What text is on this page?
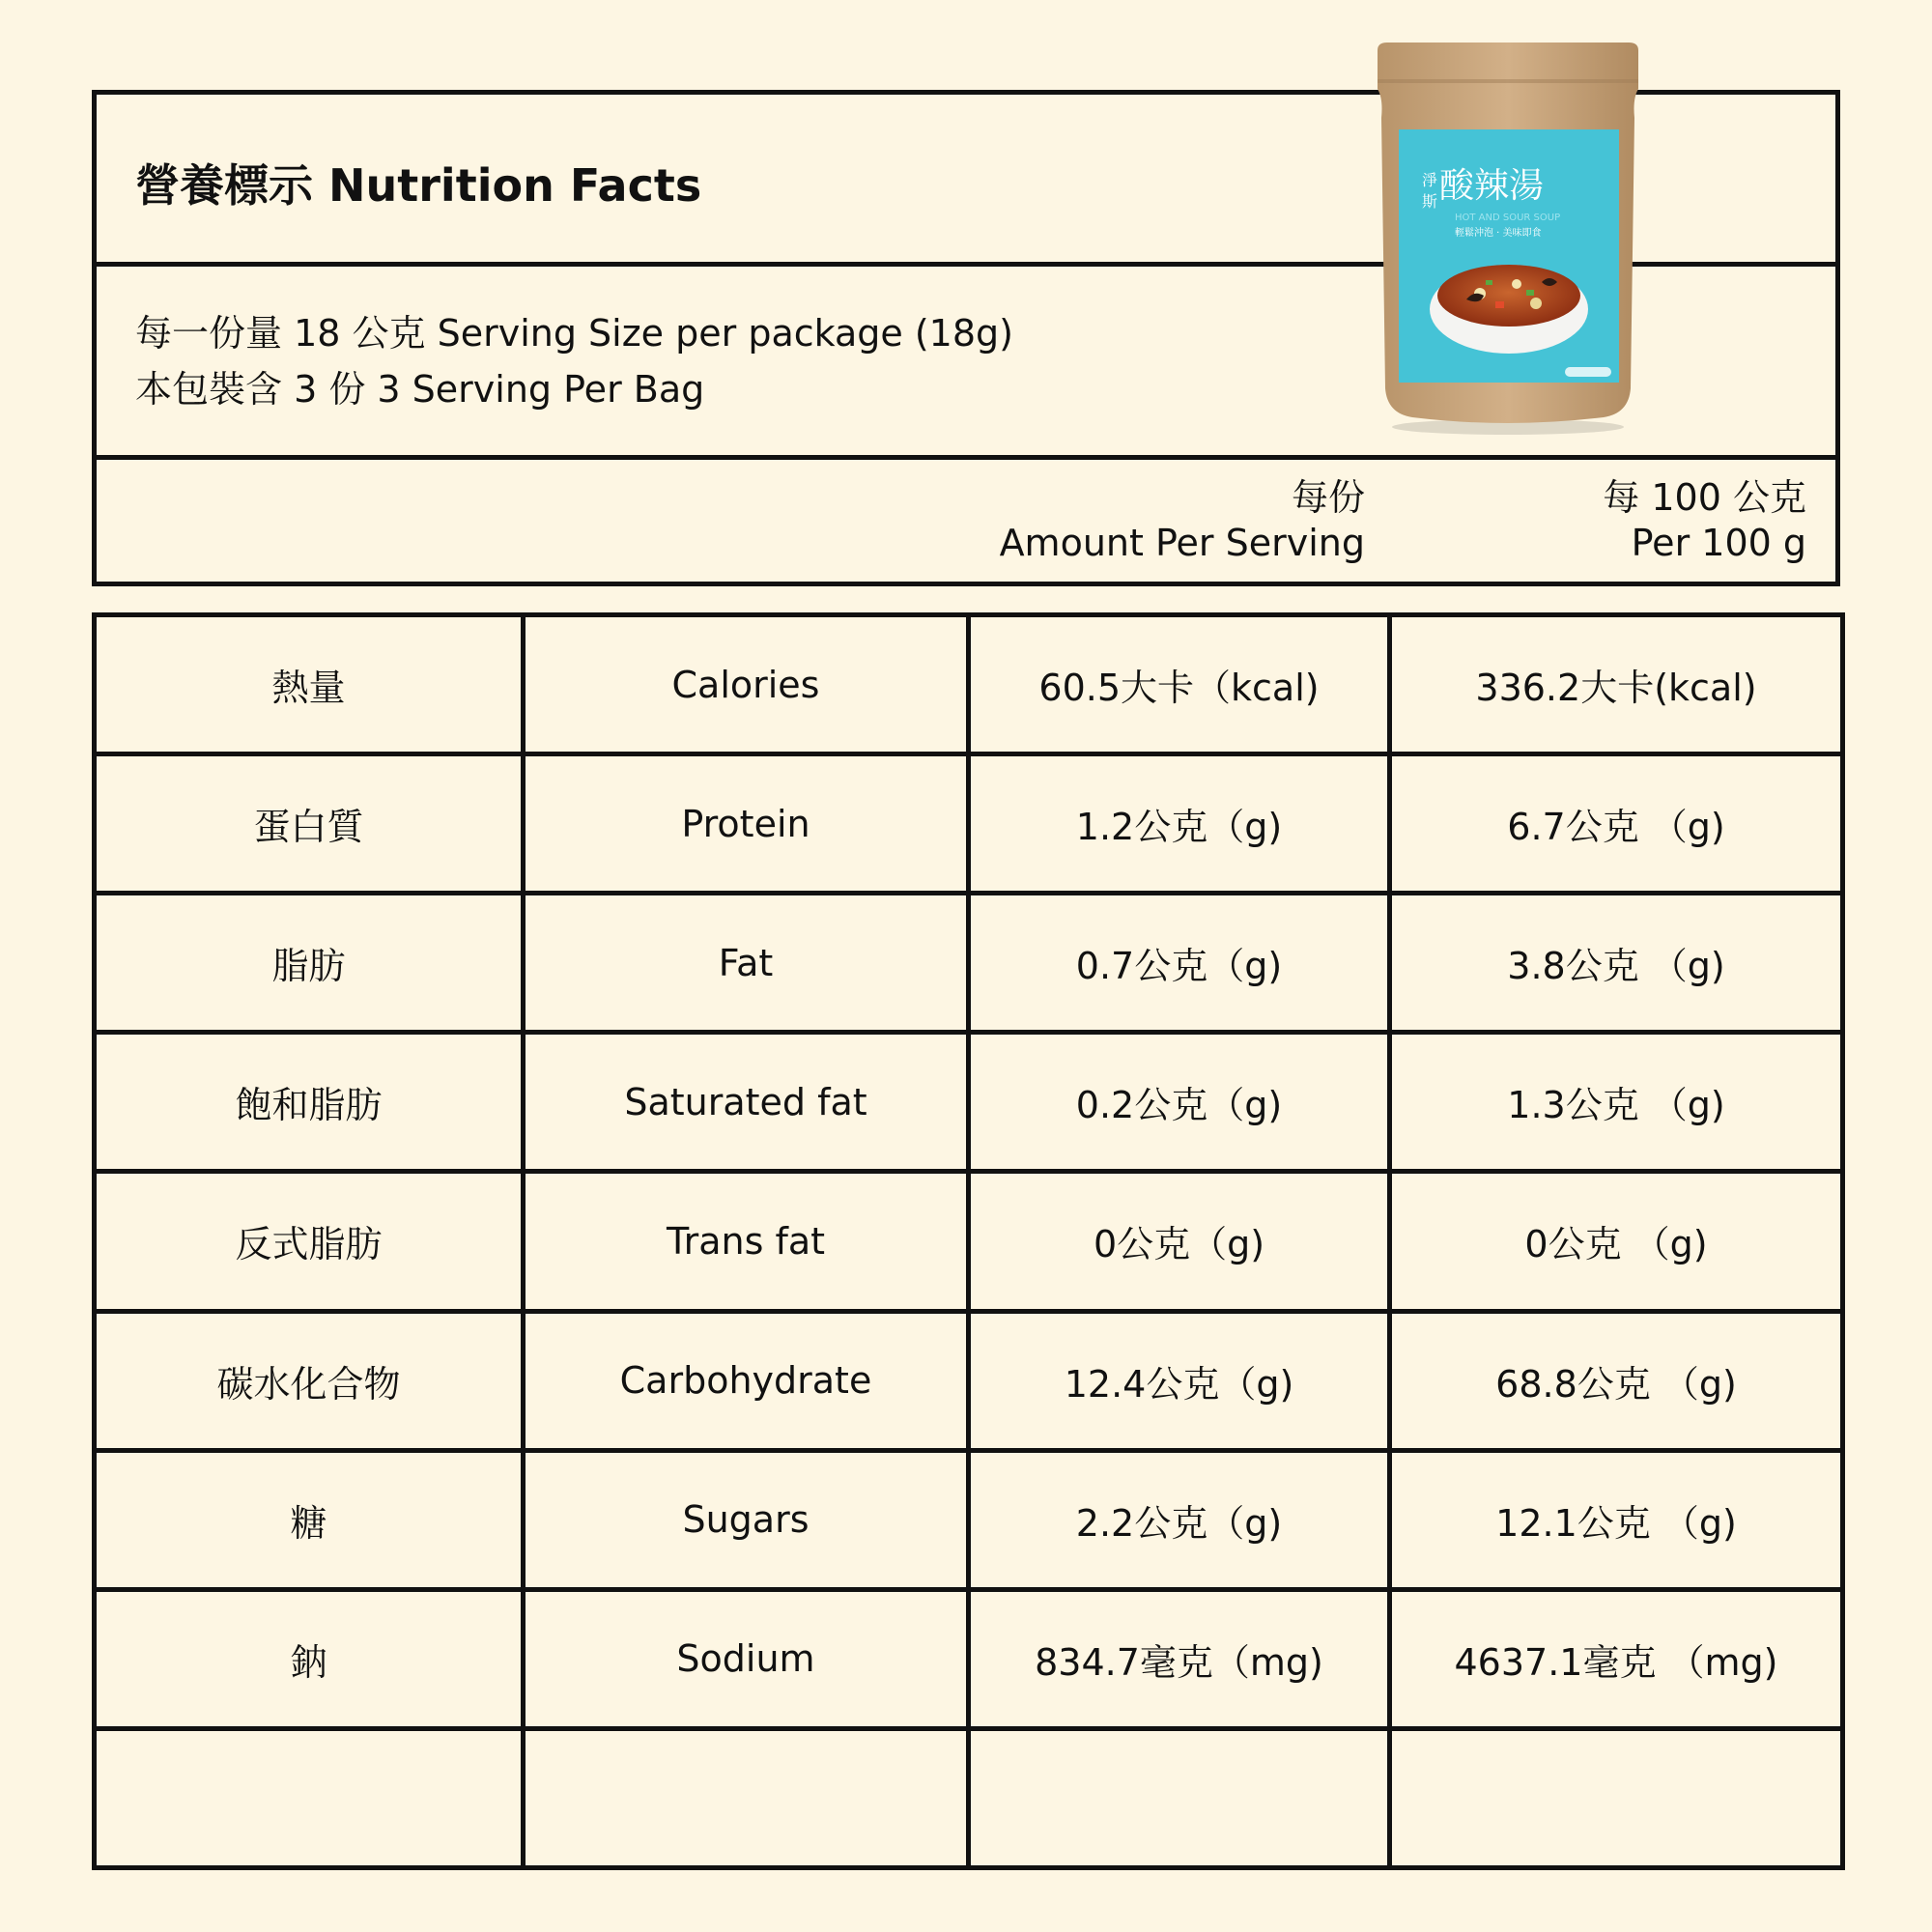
營養標示 Nutrition Facts
每一份量 18 公克 Serving Size per package (18g)
本包裝含 3 份 3 Serving Per Bag
每份
Amount Per Serving
每 100 公克
Per 100 g
酸辣湯
淨
斯
HOT AND SOUR SOUP
輕鬆沖泡 · 美味即食
熱量	Calories	60.5大卡（kcal)	336.2大卡(kcal)
蛋白質	Protein	1.2公克（g)	6.7公克 （g)
脂肪	Fat	0.7公克（g)	3.8公克 （g)
飽和脂肪	Saturated fat	0.2公克（g)	1.3公克 （g)
反式脂肪	Trans fat	0公克（g)	0公克 （g)
碳水化合物	Carbohydrate	12.4公克（g)	68.8公克 （g)
糖	Sugars	2.2公克（g)	12.1公克 （g)
鈉	Sodium	834.7毫克（mg)	4637.1毫克 （mg)
